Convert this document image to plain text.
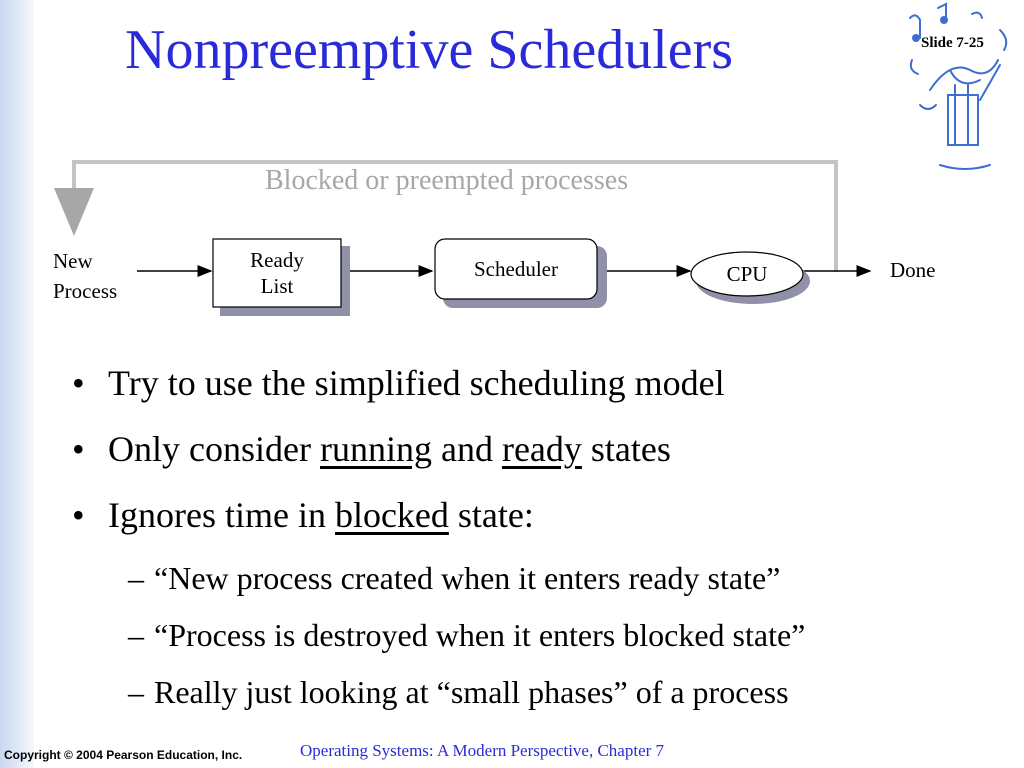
Nonpreemptive Schedulers	Slide 7-25
Blocked or preempted processes
New
Process
Ready
List
Scheduler	CPU	Done
• Try to use the simplified scheduling model
• Only consider running and ready states
• Ignores time in blocked state:
– “New process created when it enters ready state”
– “Process is destroyed when it enters blocked state”
– Really just looking at “small phases” of a process
Copyright © 2004 Pearson Education, Inc.	Operating Systems: A Modern Perspective, Chapter 7
